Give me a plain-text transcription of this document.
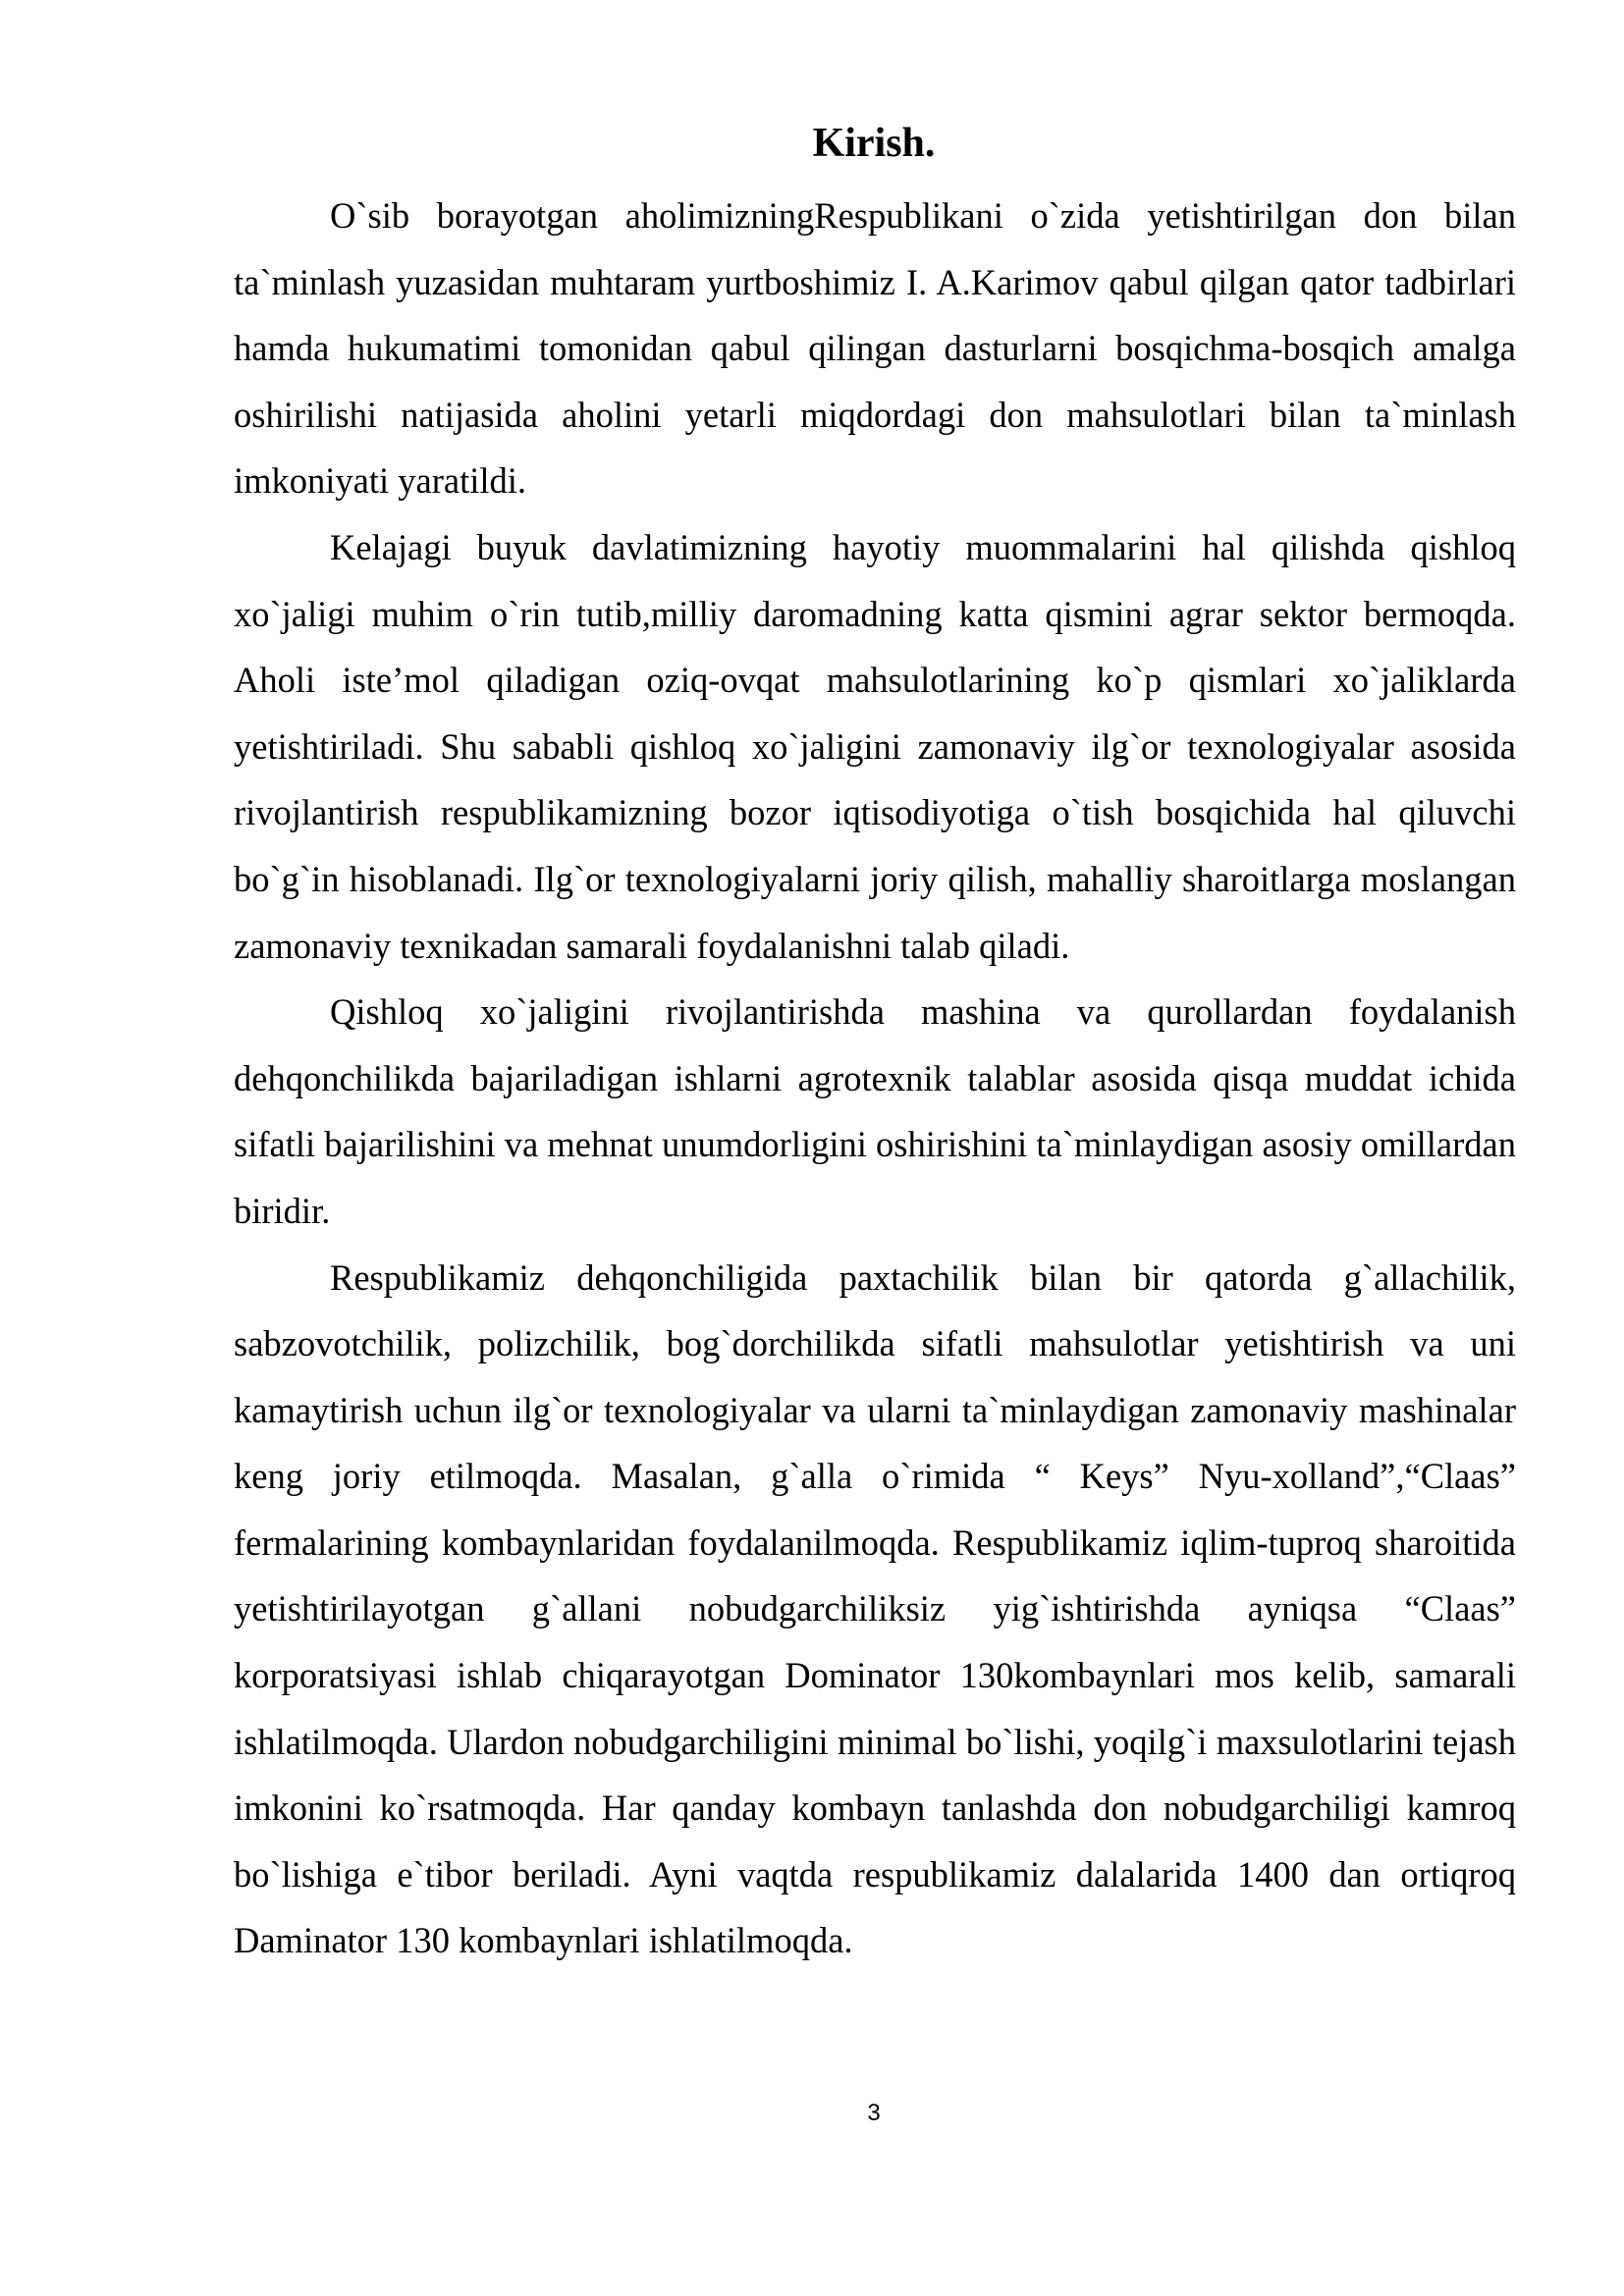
Kirish.

O`sib borayotgan aholimizningRespublikani o`zida yetishtirilgan don bilan ta`minlash yuzasidan muhtaram yurtboshimiz I. A.Karimov qabul qilgan qator tadbirlari hamda hukumatimi tomonidan qabul qilingan dasturlarni bosqichma-bosqich amalga oshirilishi natijasida aholini yetarli miqdordagi don mahsulotlari bilan ta`minlash imkoniyati yaratildi.

Kelajagi buyuk davlatimizning hayotiy muommalarini hal qilishda qishloq xo`jaligi muhim o`rin tutib,milliy daromadning katta qismini agrar sektor bermoqda. Aholi iste’mol qiladigan oziq-ovqat mahsulotlarining ko`p qismlari xo`jaliklarda yetishtiriladi. Shu sababli qishloq xo`jaligini zamonaviy ilg`or texnologiyalar asosida rivojlantirish respublikamizning bozor iqtisodiyotiga o`tish bosqichida hal qiluvchi bo`g`in hisoblanadi. Ilg`or texnologiyalarni joriy qilish, mahalliy sharoitlarga moslangan zamonaviy texnikadan samarali foydalanishni talab qiladi.

Qishloq xo`jaligini rivojlantirishda mashina va qurollardan foydalanish dehqonchilikda bajariladigan ishlarni agrotexnik talablar asosida qisqa muddat ichida sifatli bajarilishini va mehnat unumdorligini oshirishini ta`minlaydigan asosiy omillardan biridir.

Respublikamiz dehqonchiligida paxtachilik bilan bir qatorda g`allachilik, sabzovotchilik, polizchilik, bog`dorchilikda sifatli mahsulotlar yetishtirish va uni kamaytirish uchun ilg`or texnologiyalar va ularni ta`minlaydigan zamonaviy mashinalar keng joriy etilmoqda. Masalan, g`alla o`rimida “ Keys” Nyu-xolland”,“Claas” fermalarining kombaynlaridan foydalanilmoqda. Respublikamiz iqlim-tuproq sharoitida yetishtirilayotgan g`allani nobudgarchiliksiz yig`ishtirishda ayniqsa “Claas” korporatsiyasi ishlab chiqarayotgan Dominator 130kombaynlari mos kelib, samarali ishlatilmoqda. Ulardon nobudgarchiligini minimal bo`lishi, yoqilg`i maxsulotlarini tejash imkonini ko`rsatmoqda. Har qanday kombayn tanlashda don nobudgarchiligi kamroq bo`lishiga e`tibor beriladi. Ayni vaqtda respublikamiz dalalarida 1400 dan ortiqroq Daminator 130 kombaynlari ishlatilmoqda.

3
